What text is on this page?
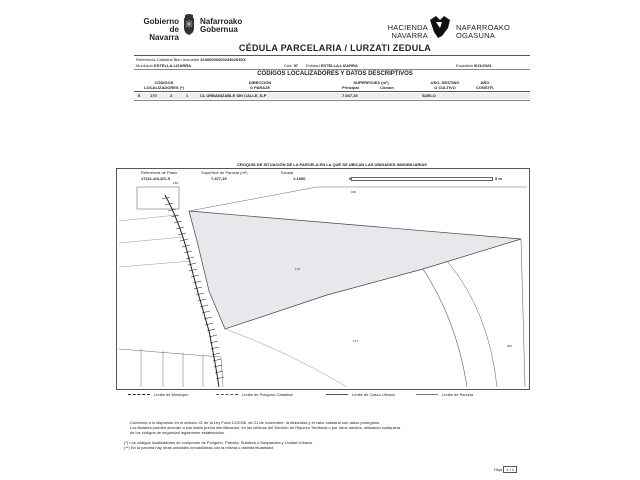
Gobierno
de Navarra
Nafarroako
Gobernua	HACIENDA
NAVARRA
NAFARROAKO
OGASUNA
CÉDULA PARCELARIA / LURZATI ZEDULA
Referencia Catastral Bien Inmueble 310000000002330263DX
Municipio ESTELLA-LIZARRA	Cód. 97 Entidad ESTELLA-LIZARRA	Expedida 9/11/2023
CÓDIGOS LOCALIZADORES Y DATOS DESCRIPTIVOS
CÓDIGOS
LOCALIZADORES (*)
DIRECCIÓN
O PARAJE
SUPERFICIES (m²)
Principal	Común
USO, DESTINO
O CULTIVO
AÑO
CONSTR.
5 170	2	1	CL URBANIZABLE SIN CALLE, S-P	7.047,15	SUELO
CROQUIS DE SITUACIÓN DE LA PARCELA EN LA QUE SE UBICAN LAS UNIDADES INMOBILIARIAS
Referencia de Plano	Superficie de Parcela (m²)	Escala
17211-4/3-3/C-5	7.477,15	1:1000	0	5 m
170
169
171
361
169
Límite de Municipio	Límite de Polígono Catastral	Límite de Casco Urbano	Límite de Parcela
Conforme a lo dispuesto en el artículo 41 de la Ley Foral 12/2006, de 21 de noviembre, la titularidad y el valor catastral son datos protegidos.
Los titulares pueden acceder a sus datos previa identificación, en las oficinas del Servicio de Riqueza Territorial o por otros medios, utilizando cualquiera
de los códigos de seguridad legalmente establecidos.
(*) Los códigos localizadores se componen de Polígono, Parcela, Subárea o Subparcela y Unidad Urbana.
(**) En la parcela hay otras unidades inmobiliarias con la misma o distinta titularidad.
Hoja 1 / 1
